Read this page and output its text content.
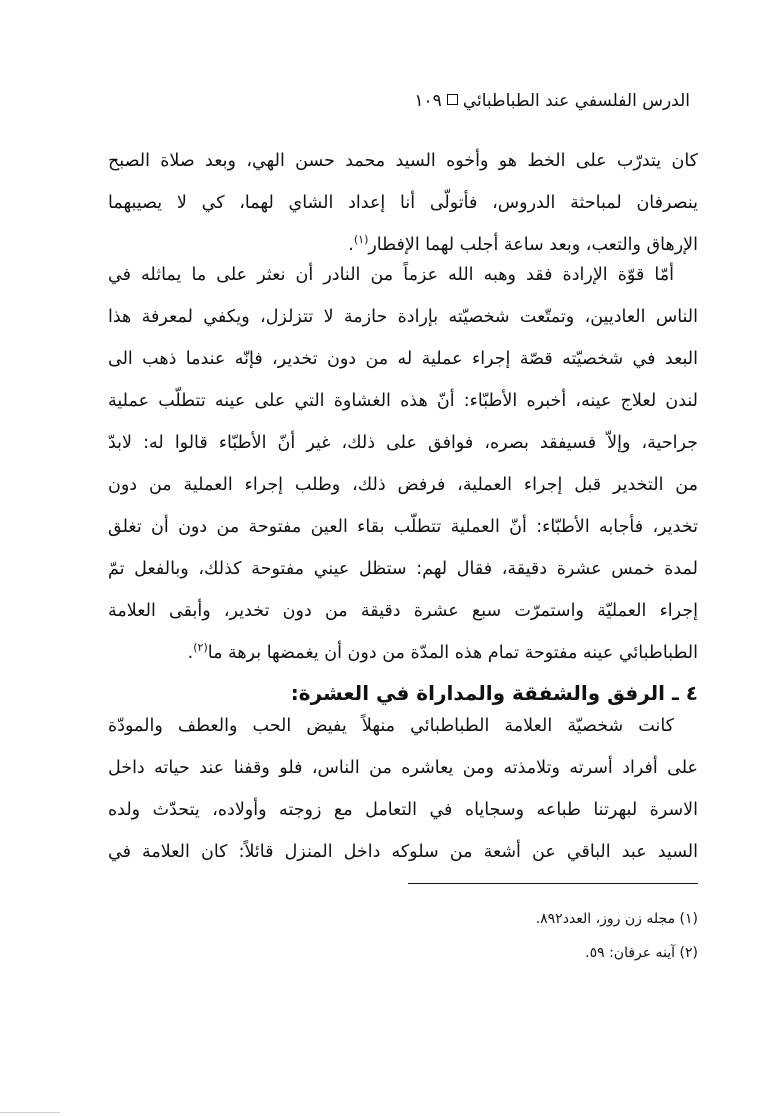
الدرس الفلسفي عند الطباطبائي١٠٩
كان يتدرّب على الخط هو وأخوه السيد محمد حسن الهي، وبعد صلاة الصبح
ينصرفان لمباحثة الدروس، فأتولّى أنا إعداد الشاي لهما، كي لا يصيبهما
الإرهاق والتعب، وبعد ساعة أجلب لهما الإفطار$^{(١)}$.
أمّا قوّة الإرادة فقد وهبه الله عزماً من النادر أن نعثر على ما يماثله في
الناس العاديين، وتمتّعت شخصيّته بإرادة حازمة لا تتزلزل، ويكفي لمعرفة هذا
البعد في شخصيّته قصّة إجراء عملية له من دون تخدير، فإنّه عندما ذهب الى
لندن لعلاج عينه، أخبره الأطبّاء: أنّ هذه الغشاوة التي على عينه تتطلّب عملية
جراحية، وإلاّ فسيفقد بصره، فوافق على ذلك، غير أنّ الأطبّاء قالوا له: لابدّ
من التخدير قبل إجراء العملية، فرفض ذلك، وطلب إجراء العملية من دون
تخدير، فأجابه الأطبّاء: أنّ العملية تتطلّب بقاء العين مفتوحة من دون أن تغلق
لمدة خمس عشرة دقيقة، فقال لهم: ستظل عيني مفتوحة كذلك، وبالفعل تمّ
إجراء العمليّة واستمرّت سبع عشرة دقيقة من دون تخدير، وأبقى العلامة
الطباطبائي عينه مفتوحة تمام هذه المدّة من دون أن يغمضها برهة ما$^{(٢)}$.
٤ ـ الرفق والشفقة والمداراة في العشرة:
كانت شخصيّة العلامة الطباطبائي منهلاً يفيض الحب والعطف والمودّة
على أفراد أسرته وتلامذته ومن يعاشره من الناس، فلو وقفنا عند حياته داخل
الاسرة لبهرتنا طباعه وسجاياه في التعامل مع زوجته وأولاده، يتحدّث ولده
السيد عبد الباقي عن أشعة من سلوكه داخل المنزل قائلاً: كان العلامة في
(١) مجله زن روز، العدد٨٩٢.
(٢) آينه عرفان: ٥٩.
